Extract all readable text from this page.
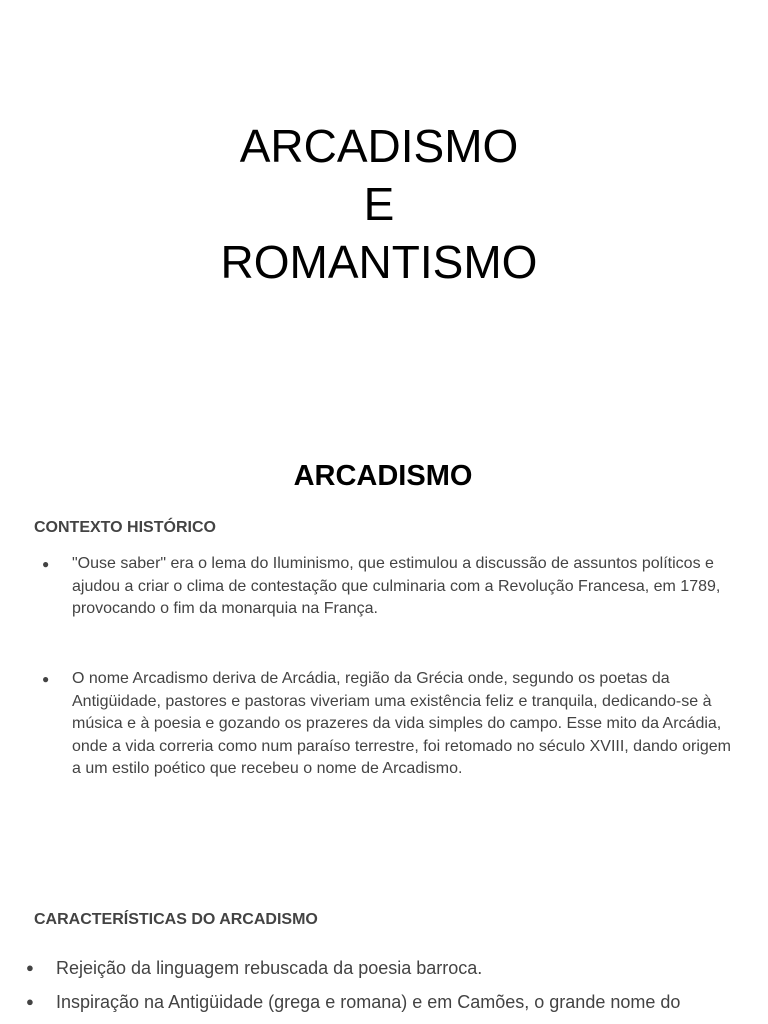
ARCADISMO
E
ROMANTISMO
ARCADISMO
CONTEXTO HISTÓRICO
● "Ouse saber" era o lema do Iluminismo, que estimulou a discussão de assuntos políticos e ajudou a criar o clima de contestação que culminaria com a Revolução Francesa, em 1789, provocando o fim da monarquia na França.
● O nome Arcadismo deriva de Arcádia, região da Grécia onde, segundo os poetas da Antigüidade, pastores e pastoras viveriam uma existência feliz e tranquila, dedicando-se à música e à poesia e gozando os prazeres da vida simples do campo. Esse mito da Arcádia, onde a vida correria como num paraíso terrestre, foi retomado no século XVIII, dando origem a um estilo poético que recebeu o nome de Arcadismo.
CARACTERÍSTICAS DO ARCADISMO
● Rejeição da linguagem rebuscada da poesia barroca.
● Inspiração na Antigüidade (grega e romana) e em Camões, o grande nome do
